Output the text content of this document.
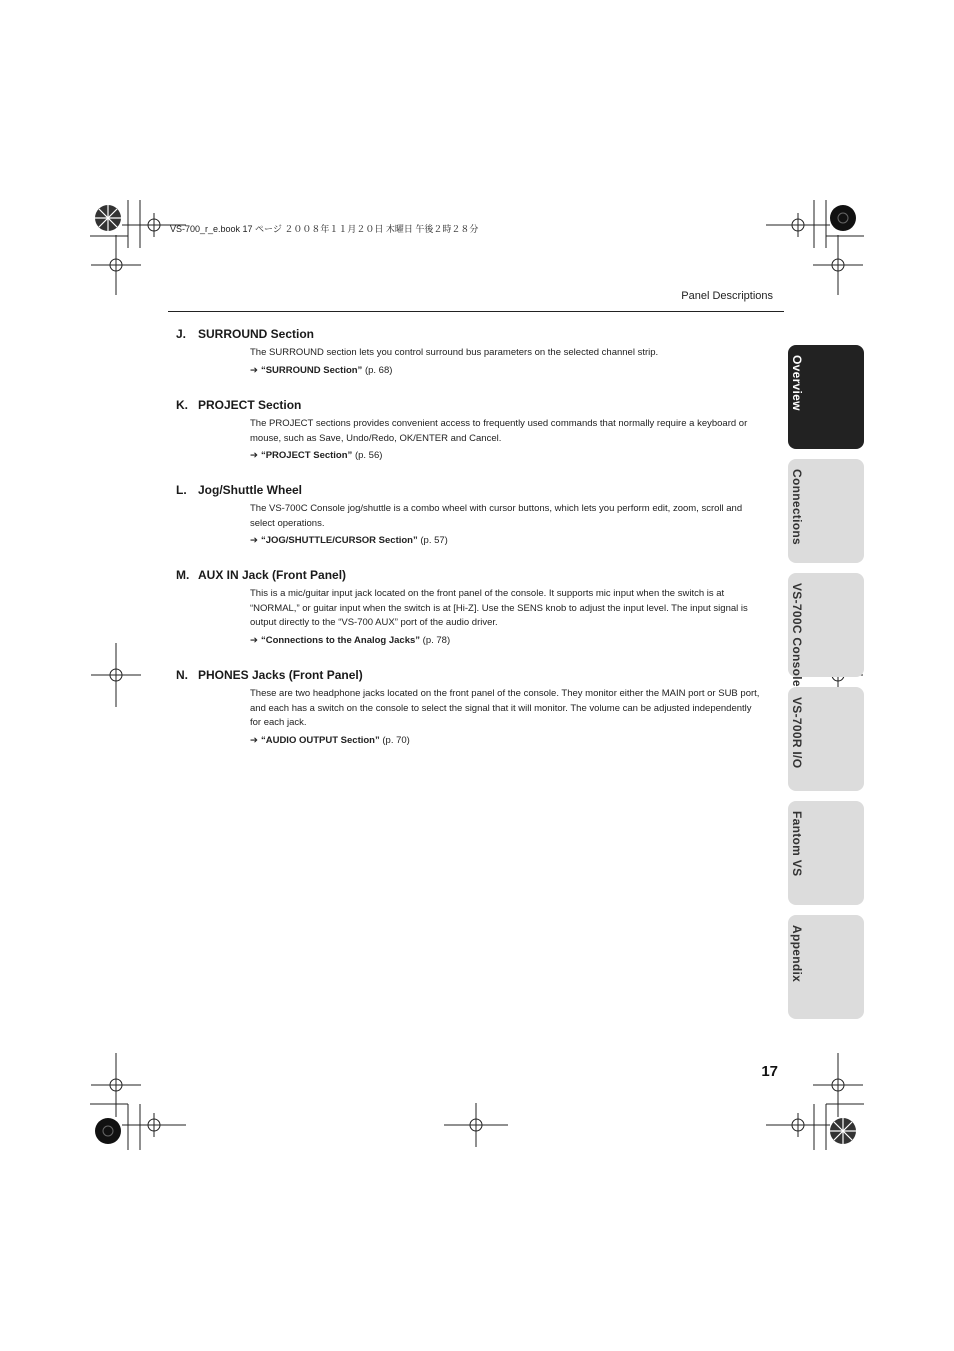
VS-700_r_e.book 17 ページ ２００８年１１月２０日 木曜日 午後２時２８分
Panel Descriptions
J. SURROUND Section

The SURROUND section lets you control surround bus parameters on the selected channel strip.

➔ “SURROUND Section” (p. 68)

K. PROJECT Section

The PROJECT sections provides convenient access to frequently used commands that normally require a keyboard or mouse, such as Save, Undo/Redo, OK/ENTER and Cancel.

➔ “PROJECT Section” (p. 56)

L. Jog/Shuttle Wheel

The VS-700C Console jog/shuttle is a combo wheel with cursor buttons, which lets you perform edit, zoom, scroll and select operations.

➔ “JOG/SHUTTLE/CURSOR Section” (p. 57)

M. AUX IN Jack (Front Panel)

This is a mic/guitar input jack located on the front panel of the console. It supports mic input when the switch is at “NORMAL,” or guitar input when the switch is at [Hi-Z]. Use the SENS knob to adjust the input level. The input signal is output directly to the “VS-700 AUX” port of the audio driver.

➔ “Connections to the Analog Jacks” (p. 78)

N. PHONES Jacks (Front Panel)

These are two headphone jacks located on the front panel of the console. They monitor either the MAIN port or SUB port, and each has a switch on the console to select the signal that it will monitor. The volume can be adjusted independently for each jack.

➔ “AUDIO OUTPUT Section” (p. 70)

Overview
Connections
VS-700C Console
VS-700R I/O
Fantom VS
Appendix
17
